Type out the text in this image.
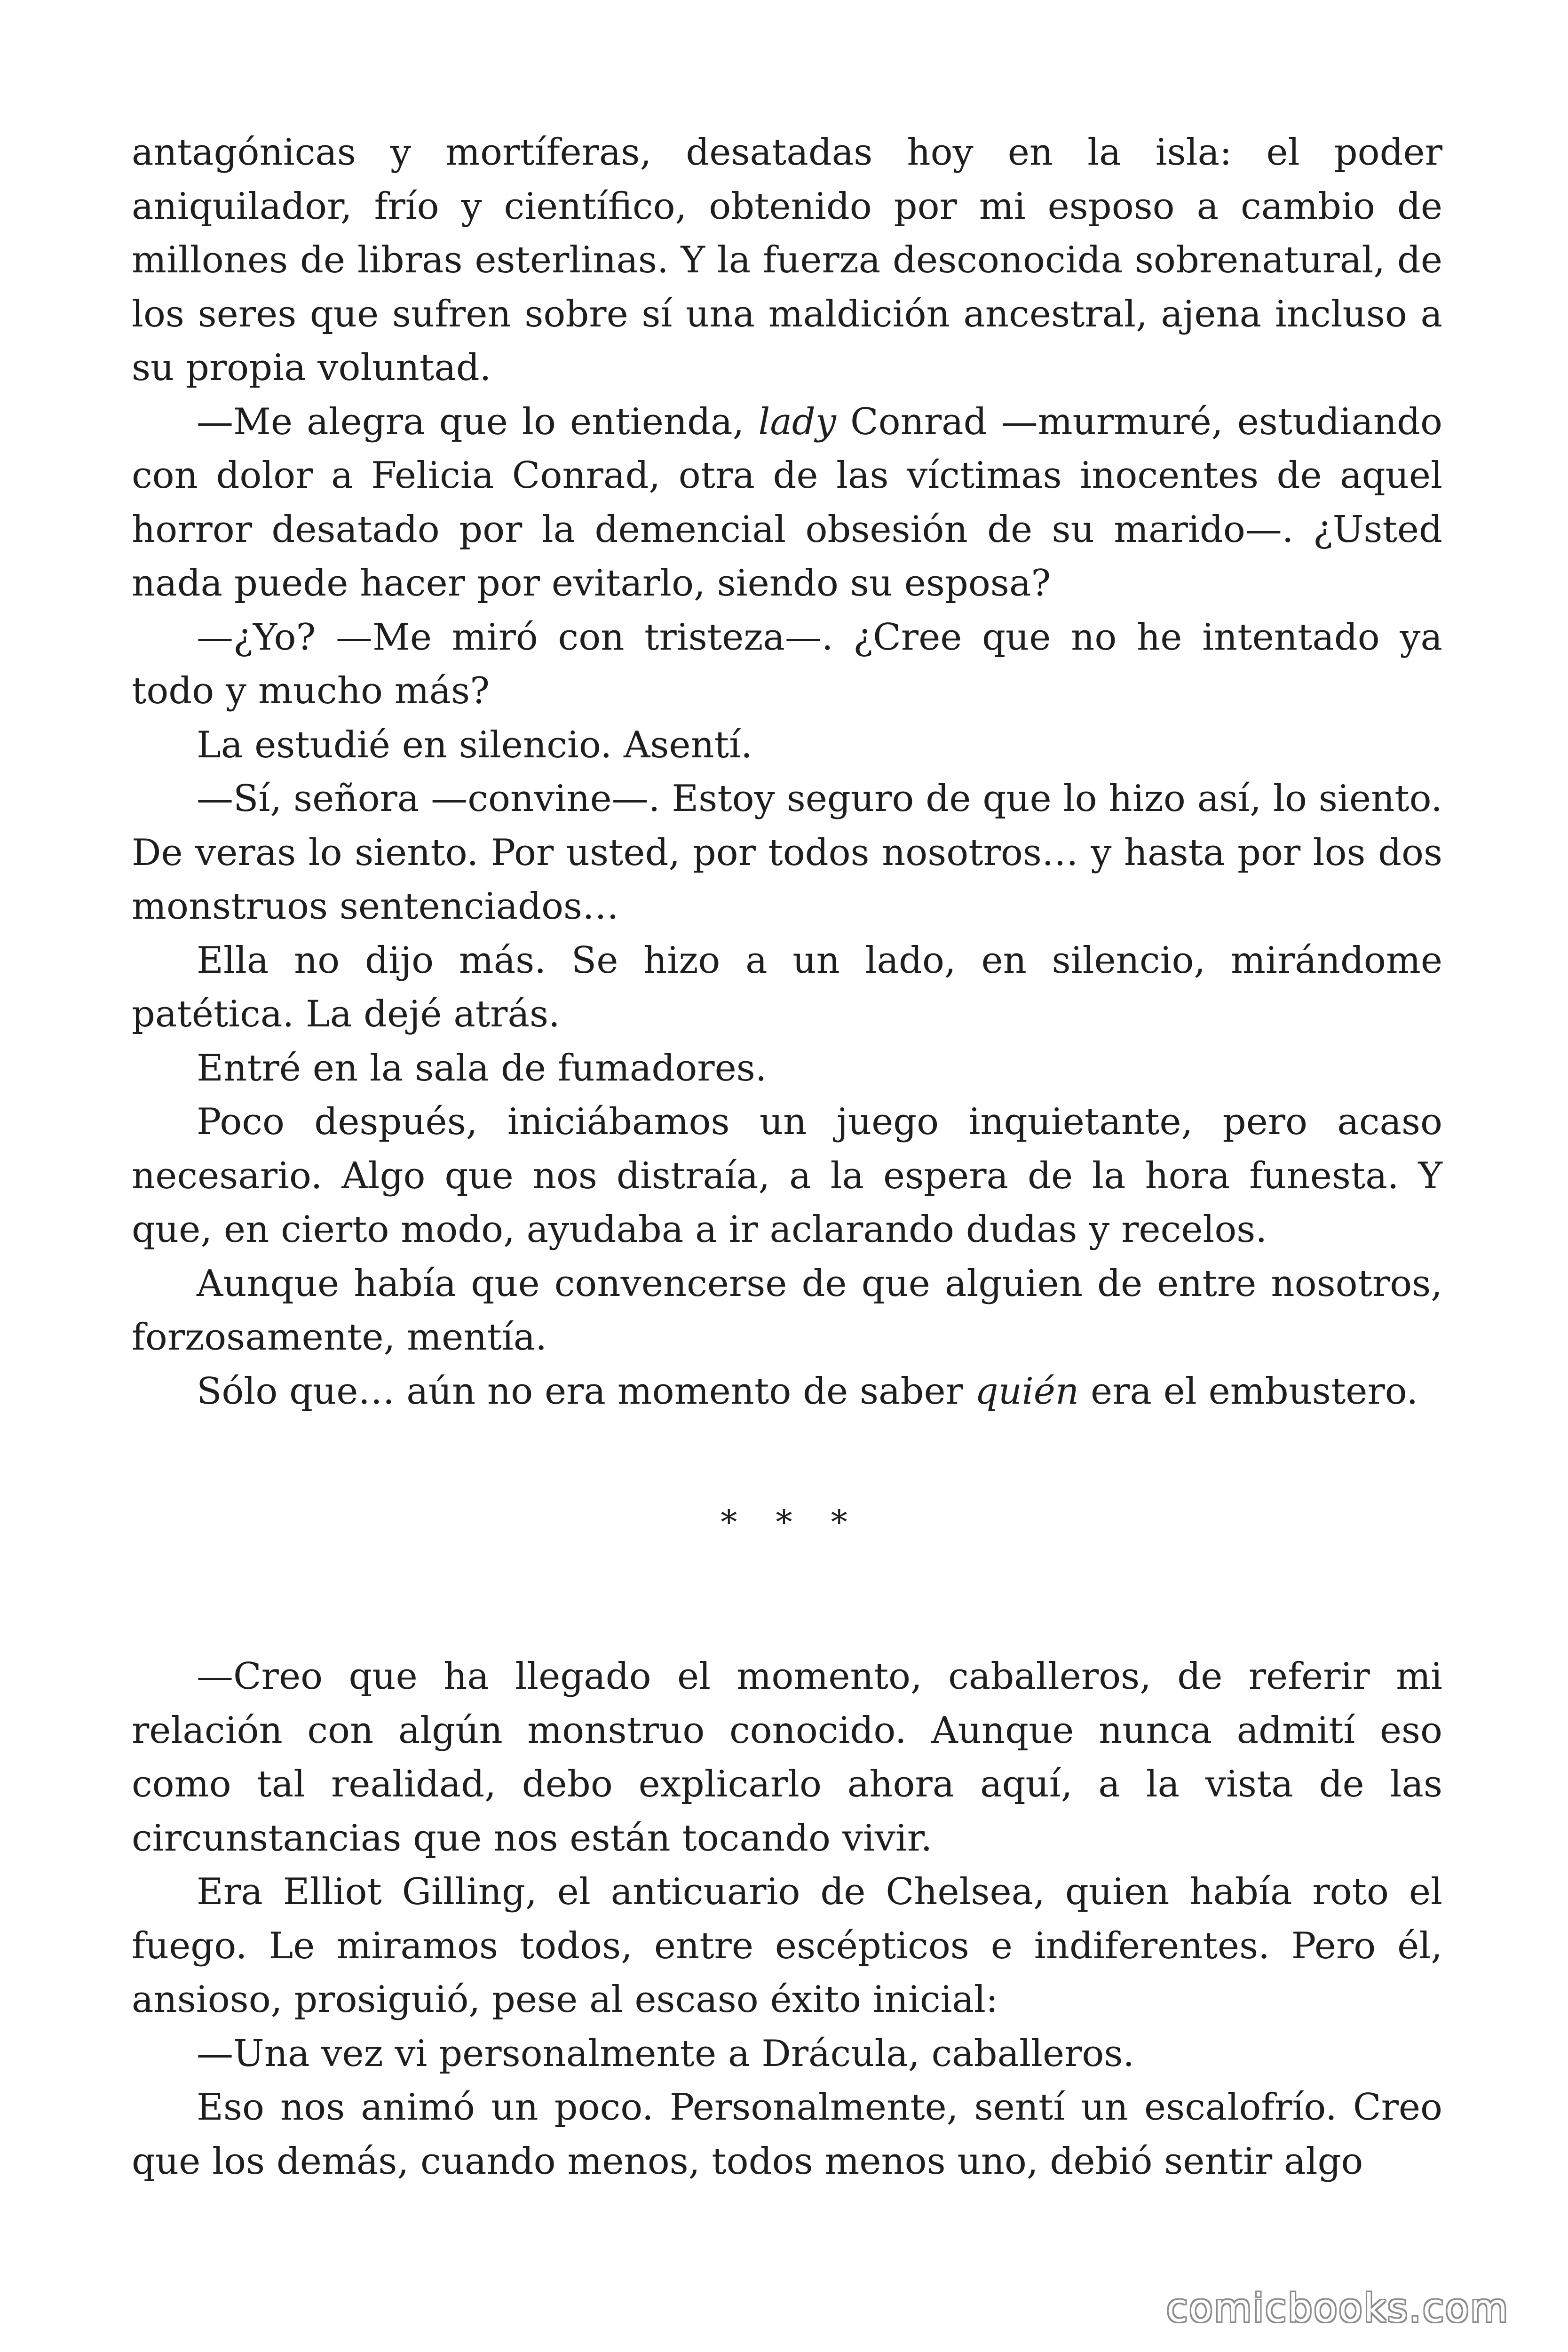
antagónicas y mortíferas, desatadas hoy en la isla: el poder aniquilador, frío y científico, obtenido por mi esposo a cambio de millones de libras esterlinas. Y la fuerza desconocida sobrenatural, de los seres que sufren sobre sí una maldición ancestral, ajena incluso a su propia voluntad.

—Me alegra que lo entienda, lady Conrad —murmuré, estudiando con dolor a Felicia Conrad, otra de las víctimas inocentes de aquel horror desatado por la demencial obsesión de su marido—. ¿Usted nada puede hacer por evitarlo, siendo su esposa?

—¿Yo? —Me miró con tristeza—. ¿Cree que no he intentado ya todo y mucho más?

La estudié en silencio. Asentí.

—Sí, señora —convine—. Estoy seguro de que lo hizo así, lo siento. De veras lo siento. Por usted, por todos nosotros… y hasta por los dos monstruos sentenciados…

Ella no dijo más. Se hizo a un lado, en silencio, mirándome patética. La dejé atrás.

Entré en la sala de fumadores.

Poco después, iniciábamos un juego inquietante, pero acaso necesario. Algo que nos distraía, a la espera de la hora funesta. Y que, en cierto modo, ayudaba a ir aclarando dudas y recelos.

Aunque había que convencerse de que alguien de entre nosotros, forzosamente, mentía.

Sólo que… aún no era momento de saber quién era el embustero.

* * *

—Creo que ha llegado el momento, caballeros, de referir mi relación con algún monstruo conocido. Aunque nunca admití eso como tal realidad, debo explicarlo ahora aquí, a la vista de las circunstancias que nos están tocando vivir.

Era Elliot Gilling, el anticuario de Chelsea, quien había roto el fuego. Le miramos todos, entre escépticos e indiferentes. Pero él, ansioso, prosiguió, pese al escaso éxito inicial:

—Una vez vi personalmente a Drácula, caballeros.

Eso nos animó un poco. Personalmente, sentí un escalofrío. Creo que los demás, cuando menos, todos menos uno, debió sentir algo

comicbooks.com
